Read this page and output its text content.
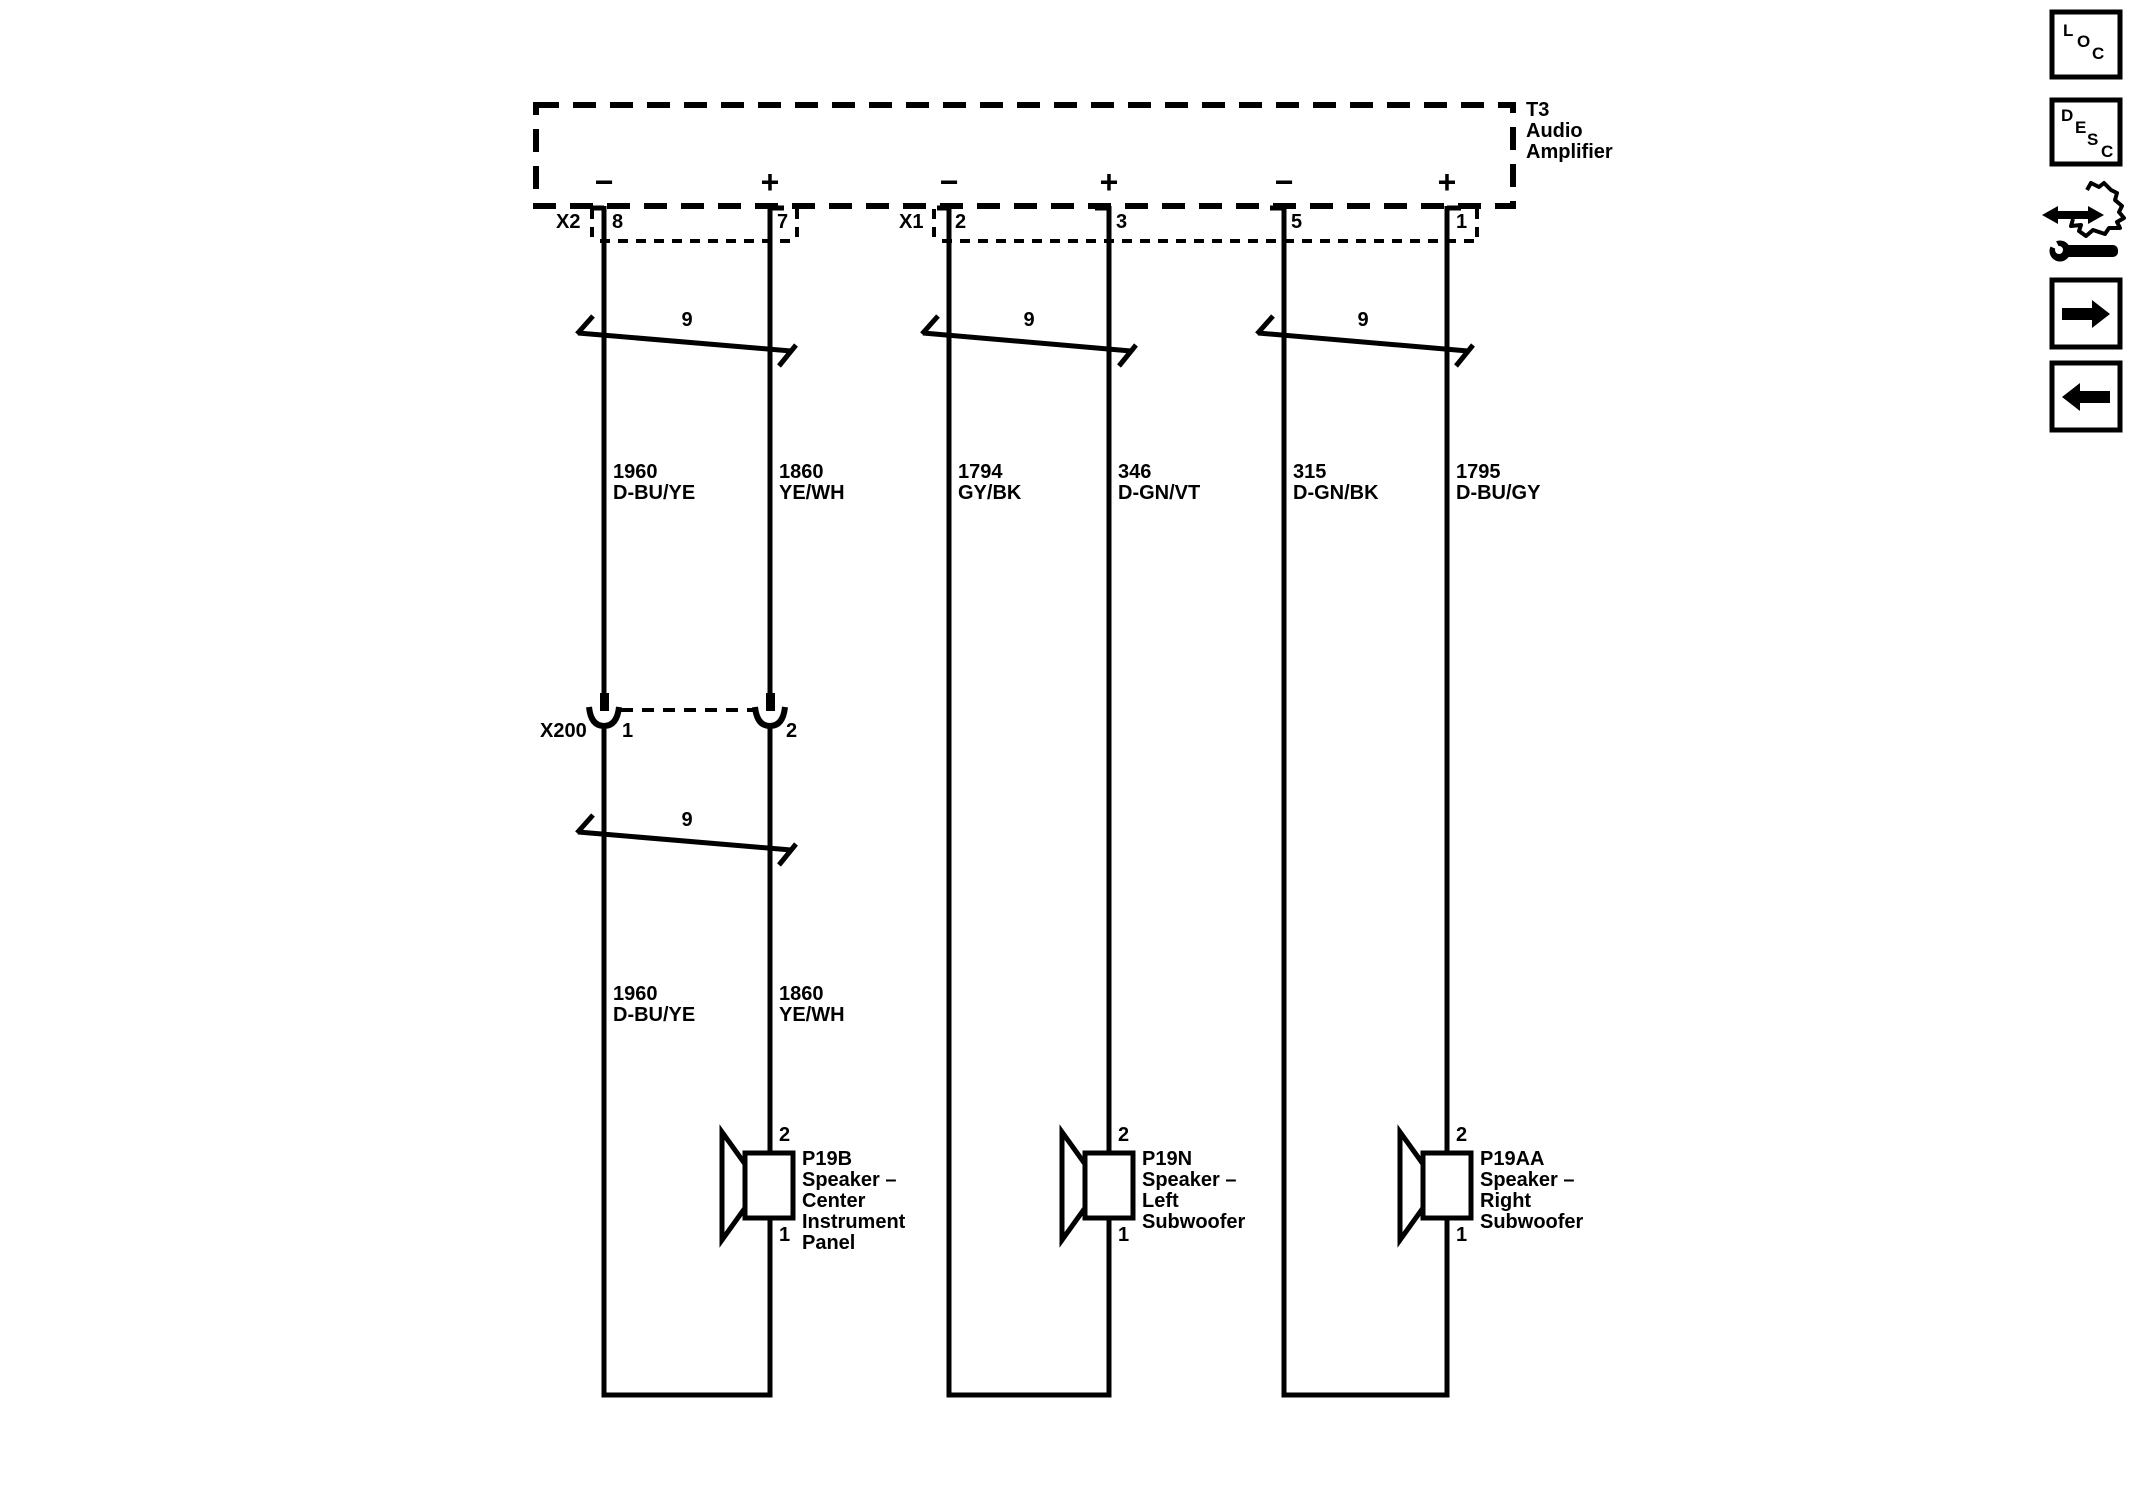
T3
Audio
Amplifier
−	+	−	+	−	+
X2 8	7	X1 2	3	5	1
9	9	9
9
1960
D-BU/YE
1860
YE/WH
1794
GY/BK
346
D-GN/VT
315
D-GN/BK
1795
D-BU/GY
X200 1	2
1960
D-BU/YE
1860
YE/WH
2
1
2
1
2
1
P19B
Speaker –
Center
Instrument
Panel
P19N
Speaker –
Left
Subwoofer
P19AA
Speaker –
Right
Subwoofer
L
O
C
D
E
S
C
